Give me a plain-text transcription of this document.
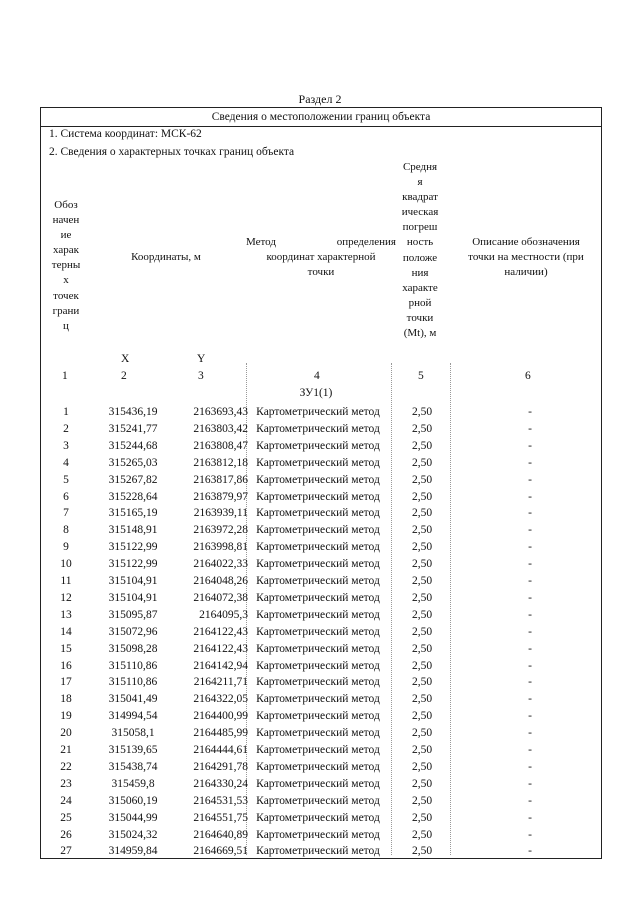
Раздел 2
Сведения о местоположении границ объекта
1. Система координат: МСК-62
2. Сведения о характерных точках границ объекта
Обоз
начен
ие
харак
терны
х
точек
грани
ц
Координаты, м
Метод	определения
координат характерной
точки
Средня
я
квадрат
ическая
погреш
ность
положе
ния
характе
рной
точки
(Mt), м
Описание обозначения
точки на местности (при
наличии)
X	Y
1	2	3	4	5	6
ЗУ1(1)
1	315436,19	2163693,43 Картометрический метод	2,50	-
2	315241,77	2163803,42 Картометрический метод	2,50	-
3	315244,68	2163808,47 Картометрический метод	2,50	-
4	315265,03	2163812,18 Картометрический метод	2,50	-
5	315267,82	2163817,86 Картометрический метод	2,50	-
6	315228,64	2163879,97 Картометрический метод	2,50	-
7	315165,19	2163939,11 Картометрический метод	2,50	-
8	315148,91	2163972,28 Картометрический метод	2,50	-
9	315122,99	2163998,81 Картометрический метод	2,50	-
10	315122,99	2164022,33 Картометрический метод	2,50	-
11	315104,91	2164048,26 Картометрический метод	2,50	-
12	315104,91	2164072,38 Картометрический метод	2,50	-
13	315095,87	2164095,3 Картометрический метод	2,50	-
14	315072,96	2164122,43 Картометрический метод	2,50	-
15	315098,28	2164122,43 Картометрический метод	2,50	-
16	315110,86	2164142,94 Картометрический метод	2,50	-
17	315110,86	2164211,71 Картометрический метод	2,50	-
18	315041,49	2164322,05 Картометрический метод	2,50	-
19	314994,54	2164400,99 Картометрический метод	2,50	-
20	315058,1	2164485,99 Картометрический метод	2,50	-
21	315139,65	2164444,61 Картометрический метод	2,50	-
22	315438,74	2164291,78 Картометрический метод	2,50	-
23	315459,8	2164330,24 Картометрический метод	2,50	-
24	315060,19	2164531,53 Картометрический метод	2,50	-
25	315044,99	2164551,75 Картометрический метод	2,50	-
26	315024,32	2164640,89 Картометрический метод	2,50	-
27	314959,84	2164669,51 Картометрический метод	2,50	-
